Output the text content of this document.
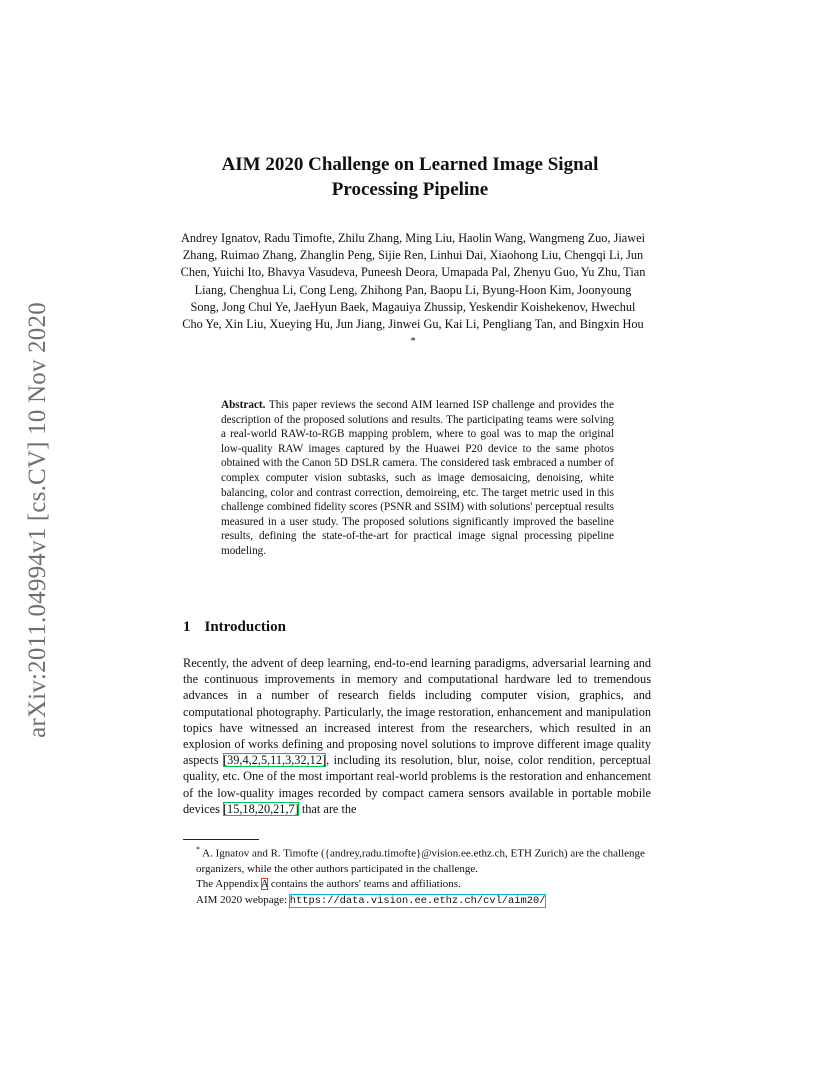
arXiv:2011.04994v1 [cs.CV] 10 Nov 2020
AIM 2020 Challenge on Learned Image Signal
Processing Pipeline
Andrey Ignatov, Radu Timofte, Zhilu Zhang, Ming Liu, Haolin Wang, Wangmeng Zuo, Jiawei Zhang, Ruimao Zhang, Zhanglin Peng, Sijie Ren, Linhui Dai, Xiaohong Liu, Chengqi Li, Jun Chen, Yuichi Ito, Bhavya Vasudeva, Puneesh Deora, Umapada Pal, Zhenyu Guo, Yu Zhu, Tian Liang, Chenghua Li, Cong Leng, Zhihong Pan, Baopu Li, Byung-Hoon Kim, Joonyoung Song, Jong Chul Ye, JaeHyun Baek, Magauiya Zhussip, Yeskendir Koishekenov, Hwechul Cho Ye, Xin Liu, Xueying Hu, Jun Jiang, Jinwei Gu, Kai Li, Pengliang Tan, and Bingxin Hou *
Abstract. This paper reviews the second AIM learned ISP challenge and provides the description of the proposed solutions and results. The participating teams were solving a real-world RAW-to-RGB mapping problem, where to goal was to map the original low-quality RAW images captured by the Huawei P20 device to the same photos obtained with the Canon 5D DSLR camera. The considered task embraced a number of complex computer vision subtasks, such as image demosaicing, denoising, white balancing, color and contrast correction, demoireing, etc. The target metric used in this challenge combined fidelity scores (PSNR and SSIM) with solutions' perceptual results measured in a user study. The proposed solutions significantly improved the baseline results, defining the state-of-the-art for practical image signal processing pipeline modeling.
1 Introduction
Recently, the advent of deep learning, end-to-end learning paradigms, adversarial learning and the continuous improvements in memory and computational hardware led to tremendous advances in a number of research fields including computer vision, graphics, and computational photography. Particularly, the image restoration, enhancement and manipulation topics have witnessed an increased interest from the researchers, which resulted in an explosion of works defining and proposing novel solutions to improve different image quality aspects [39,4,2,5,11,3,32,12], including its resolution, blur, noise, color rendition, perceptual quality, etc. One of the most important real-world problems is the restoration and enhancement of the low-quality images recorded by compact camera sensors available in portable mobile devices [15,18,20,21,7] that are the
* A. Ignatov and R. Timofte ({andrey,radu.timofte}@vision.ee.ethz.ch, ETH Zurich) are the challenge organizers, while the other authors participated in the challenge.
The Appendix A contains the authors' teams and affiliations.
AIM 2020 webpage: https://data.vision.ee.ethz.ch/cvl/aim20/
